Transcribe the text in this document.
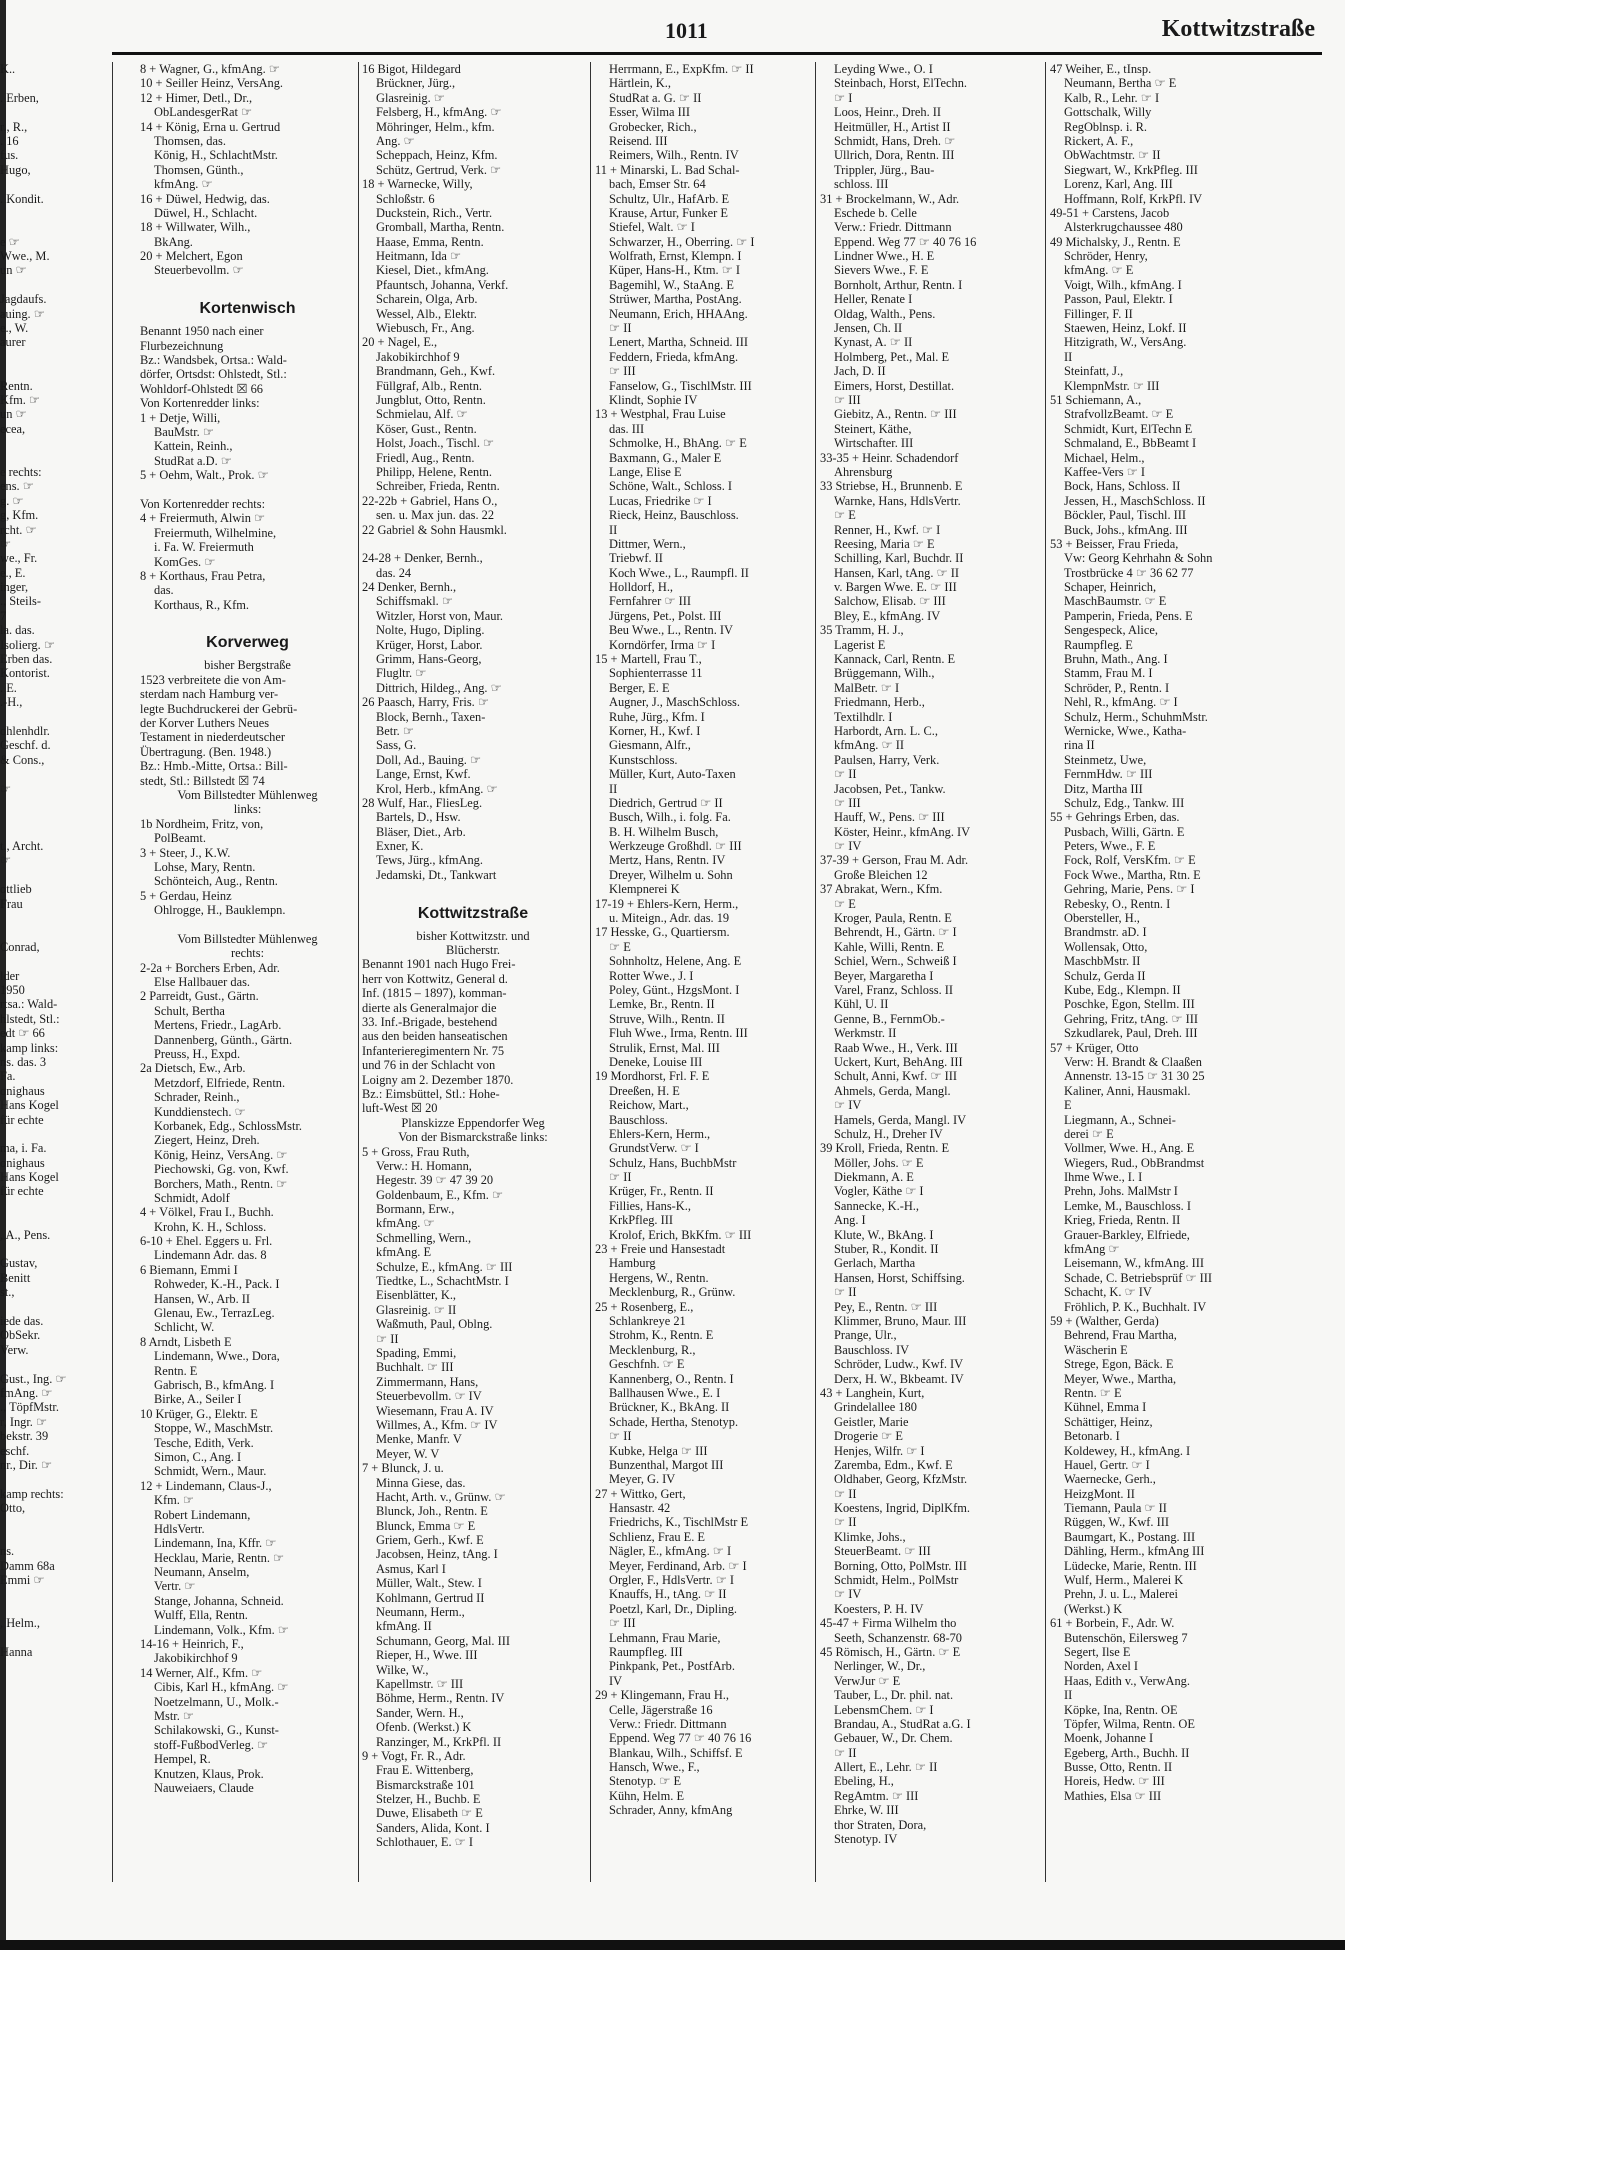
1011	Kottwitzstraße
K..
. Erben,
r., R.,
. 16
fus.
Hugo,
. Kondit.
e ☞
Wwe., M.
un ☞
Jagdaufs.
auing. ☞
e., W.
aurer
Rentn.
Kfm. ☞
un ☞
ecea,
e rechts:
ens. ☞
g. ☞
g, Kfm.
rcht. ☞
☞
we., Fr.
e., E.
inger,
., Steils-
7
la. das.
Isolierg. ☞
Erben das.
Kontorist.
. E.
.-H.,
ohlenhdlr.
Geschf. d.
& Cons.,
☞
t., Archt.
☞
ottlieb
Frau
Conrad,
lder
1950
rtsa.: Wald-
hlstedt, Stl.:
edt ☞ 66
kamp links:
ns. das. 3
Fa.
onighaus
Hans Kogel
für echte
ma, i. Fa.
onighaus
Hans Kogel
für echte
, A., Pens.
Gustav,
Benitt
st.,
iede das.
ObSekr.
Verw.
Gust., Ing. ☞
fmAng. ☞
., TöpfMstr.
r, Ingr. ☞
bekstr. 39
eschf.
nr., Dir. ☞
kamp rechts:
Otto,
ns.
Damm 68a
Emmi ☞
, Helm.,
Hanna
8 + Wagner, G., kfmAng. ☞
10 + Seiller Heinz, VersAng.
12 + Himer, Detl., Dr.,
ObLandesgerRat ☞
14 + König, Erna u. Gertrud
Thomsen, das.
König, H., SchlachtMstr.
Thomsen, Günth.,
kfmAng. ☞
16 + Düwel, Hedwig, das.
Düwel, H., Schlacht.
18 + Willwater, Wilh.,
BkAng.
20 + Melchert, Egon
Steuerbevollm. ☞
Kortenwisch
Benannt 1950 nach einer
Flurbezeichnung
Bz.: Wandsbek, Ortsa.: Wald-
dörfer, Ortsdst: Ohlstedt, Stl.:
Wohldorf-Ohlstedt ☒ 66
Von Kortenredder links:
1 + Detje, Willi,
BauMstr. ☞
Kattein, Reinh.,
StudRat a.D. ☞
5 + Oehm, Walt., Prok. ☞
Von Kortenredder rechts:
4 + Freiermuth, Alwin ☞
Freiermuth, Wilhelmine,
i. Fa. W. Freiermuth
KomGes. ☞
8 + Korthaus, Frau Petra,
das.
Korthaus, R., Kfm.
Korverweg
bisher Bergstraße
1523 verbreitete die von Am-
sterdam nach Hamburg ver-
legte Buchdruckerei der Gebrü-
der Korver Luthers Neues
Testament in niederdeutscher
Übertragung. (Ben. 1948.)
Bz.: Hmb.-Mitte, Ortsa.: Bill-
stedt, Stl.: Billstedt ☒ 74
Vom Billstedter Mühlenweg
links:
1b Nordheim, Fritz, von,
PolBeamt.
3 + Steer, J., K.W.
Lohse, Mary, Rentn.
Schönteich, Aug., Rentn.
5 + Gerdau, Heinz
Ohlrogge, H., Bauklempn.
Vom Billstedter Mühlenweg
rechts:
2-2a + Borchers Erben, Adr.
Else Hallbauer das.
2 Parreidt, Gust., Gärtn.
Schult, Bertha
Mertens, Friedr., LagArb.
Dannenberg, Günth., Gärtn.
Preuss, H., Expd.
2a Dietsch, Ew., Arb.
Metzdorf, Elfriede, Rentn.
Schrader, Reinh.,
Kunddienstech. ☞
Korbanek, Edg., SchlossMstr.
Ziegert, Heinz, Dreh.
König, Heinz, VersAng. ☞
Piechowski, Gg. von, Kwf.
Borchers, Math., Rentn. ☞
Schmidt, Adolf
4 + Völkel, Frau I., Buchh.
Krohn, K. H., Schloss.
6-10 + Ehel. Eggers u. Frl.
Lindemann Adr. das. 8
6 Biemann, Emmi I
Rohweder, K.-H., Pack. I
Hansen, W., Arb. II
Glenau, Ew., TerrazLeg.
Schlicht, W.
8 Arndt, Lisbeth E
Lindemann, Wwe., Dora,
Rentn. E
Gabrisch, B., kfmAng. I
Birke, A., Seiler I
10 Krüger, G., Elektr. E
Stoppe, W., MaschMstr.
Tesche, Edith, Verk.
Simon, C., Ang. I
Schmidt, Wern., Maur.
12 + Lindemann, Claus-J.,
Kfm. ☞
Robert Lindemann,
HdlsVertr.
Lindemann, Ina, Kffr. ☞
Hecklau, Marie, Rentn. ☞
Neumann, Anselm,
Vertr. ☞
Stange, Johanna, Schneid.
Wulff, Ella, Rentn.
Lindemann, Volk., Kfm. ☞
14-16 + Heinrich, F.,
Jakobikirchhof 9
14 Werner, Alf., Kfm. ☞
Cibis, Karl H., kfmAng. ☞
Noetzelmann, U., Molk.-
Mstr. ☞
Schilakowski, G., Kunst-
stoff-FußbodVerleg. ☞
Hempel, R.
Knutzen, Klaus, Prok.
Nauweiaers, Claude
16 Bigot, Hildegard
Brückner, Jürg.,
Glasreinig. ☞
Felsberg, H., kfmAng. ☞
Möhringer, Helm., kfm.
Ang. ☞
Scheppach, Heinz, Kfm.
Schütz, Gertrud, Verk. ☞
18 + Warnecke, Willy,
Schloßstr. 6
Duckstein, Rich., Vertr.
Gromball, Martha, Rentn.
Haase, Emma, Rentn.
Heitmann, Ida ☞
Kiesel, Diet., kfmAng.
Pfauntsch, Johanna, Verkf.
Scharein, Olga, Arb.
Wessel, Alb., Elektr.
Wiebusch, Fr., Ang.
20 + Nagel, E.,
Jakobikirchhof 9
Brandmann, Geh., Kwf.
Füllgraf, Alb., Rentn.
Jungblut, Otto, Rentn.
Schmielau, Alf. ☞
Köser, Gust., Rentn.
Holst, Joach., Tischl. ☞
Friedl, Aug., Rentn.
Philipp, Helene, Rentn.
Schreiber, Frieda, Rentn.
22-22b + Gabriel, Hans O.,
sen. u. Max jun. das. 22
22 Gabriel & Sohn Hausmkl.
24-28 + Denker, Bernh.,
das. 24
24 Denker, Bernh.,
Schiffsmakl. ☞
Witzler, Horst von, Maur.
Nolte, Hugo, Dipling.
Krüger, Horst, Labor.
Grimm, Hans-Georg,
Flugltr. ☞
Dittrich, Hildeg., Ang. ☞
26 Paasch, Harry, Fris. ☞
Block, Bernh., Taxen-
Betr. ☞
Sass, G.
Doll, Ad., Bauing. ☞
Lange, Ernst, Kwf.
Krol, Herb., kfmAng. ☞
28 Wulf, Har., FliesLeg.
Bartels, D., Hsw.
Bläser, Diet., Arb.
Exner, K.
Tews, Jürg., kfmAng.
Jedamski, Dt., Tankwart
Kottwitzstraße
bisher Kottwitzstr. und
Blücherstr.
Benannt 1901 nach Hugo Frei-
herr von Kottwitz, General d.
Inf. (1815 – 1897), komman-
dierte als Generalmajor die
33. Inf.-Brigade, bestehend
aus den beiden hanseatischen
Infanterieregimentern Nr. 75
und 76 in der Schlacht von
Loigny am 2. Dezember 1870.
Bz.: Eimsbüttel, Stl.: Hohe-
luft-West ☒ 20
Planskizze Eppendorfer Weg
Von der Bismarckstraße links:
5 + Gross, Frau Ruth,
Verw.: H. Homann,
Hegestr. 39 ☞ 47 39 20
Goldenbaum, E., Kfm. ☞
Bormann, Erw.,
kfmAng. ☞
Schmelling, Wern.,
kfmAng. E
Schulze, E., kfmAng. ☞ III
Tiedtke, L., SchachtMstr. I
Eisenblätter, K.,
Glasreinig. ☞ II
Waßmuth, Paul, Oblng.
☞ II
Spading, Emmi,
Buchhalt. ☞ III
Zimmermann, Hans,
Steuerbevollm. ☞ IV
Wiesemann, Frau A. IV
Willmes, A., Kfm. ☞ IV
Menke, Manfr. V
Meyer, W. V
7 + Blunck, J. u.
Minna Giese, das.
Hacht, Arth. v., Grünw. ☞
Blunck, Joh., Rentn. E
Blunck, Emma ☞ E
Griem, Gerh., Kwf. E
Jacobsen, Heinz, tAng. I
Asmus, Karl I
Müller, Walt., Stew. I
Kohlmann, Gertrud II
Neumann, Herm.,
kfmAng. II
Schumann, Georg, Mal. III
Rieper, H., Wwe. III
Wilke, W.,
Kapellmstr. ☞ III
Böhme, Herm., Rentn. IV
Sander, Wern. H.,
Ofenb. (Werkst.) K
Ranzinger, M., KrkPfl. II
9 + Vogt, Fr. R., Adr.
Frau E. Wittenberg,
Bismarckstraße 101
Stelzer, H., Buchb. E
Duwe, Elisabeth ☞ E
Sanders, Alida, Kont. I
Schlothauer, E. ☞ I
Herrmann, E., ExpKfm. ☞ II
Härtlein, K.,
StudRat a. G. ☞ II
Esser, Wilma III
Grobecker, Rich.,
Reisend. III
Reimers, Wilh., Rentn. IV
11 + Minarski, L. Bad Schal-
bach, Emser Str. 64
Schultz, Ulr., HafArb. E
Krause, Artur, Funker E
Stiefel, Walt. ☞ I
Schwarzer, H., Oberring. ☞ I
Wolfrath, Ernst, Klempn. I
Küper, Hans-H., Ktm. ☞ I
Bagemihl, W., StaAng. E
Strüwer, Martha, PostAng.
Neumann, Erich, HHAAng.
☞ II
Lenert, Martha, Schneid. III
Feddern, Frieda, kfmAng.
☞ III
Fanselow, G., TischlMstr. III
Klindt, Sophie IV
13 + Westphal, Frau Luise
das. III
Schmolke, H., BhAng. ☞ E
Baxmann, G., Maler E
Lange, Elise E
Schöne, Walt., Schloss. I
Lucas, Friedrike ☞ I
Rieck, Heinz, Bauschloss.
II
Dittmer, Wern.,
Triebwf. II
Koch Wwe., L., Raumpfl. II
Holldorf, H.,
Fernfahrer ☞ III
Jürgens, Pet., Polst. III
Beu Wwe., L., Rentn. IV
Korndörfer, Irma ☞ I
15 + Martell, Frau T.,
Sophienterrasse 11
Berger, E. E
Augner, J., MaschSchloss.
Ruhe, Jürg., Kfm. I
Korner, H., Kwf. I
Giesmann, Alfr.,
Kunstschloss.
Müller, Kurt, Auto-Taxen
II
Diedrich, Gertrud ☞ II
Busch, Wilh., i. folg. Fa.
B. H. Wilhelm Busch,
Werkzeuge Großhdl. ☞ III
Mertz, Hans, Rentn. IV
Dreyer, Wilhelm u. Sohn
Klempnerei K
17-19 + Ehlers-Kern, Herm.,
u. Miteign., Adr. das. 19
17 Hesske, G., Quartiersm.
☞ E
Sohnholtz, Helene, Ang. E
Rotter Wwe., J. I
Poley, Günt., HzgsMont. I
Lemke, Br., Rentn. II
Struve, Wilh., Rentn. II
Fluh Wwe., Irma, Rentn. III
Strulik, Ernst, Mal. III
Deneke, Louise III
19 Mordhorst, Frl. F. E
Dreeßen, H. E
Reichow, Mart.,
Bauschloss.
Ehlers-Kern, Herm.,
GrundstVerw. ☞ I
Schulz, Hans, BuchbMstr
☞ II
Krüger, Fr., Rentn. II
Fillies, Hans-K.,
KrkPfleg. III
Krolof, Erich, BkKfm. ☞ III
23 + Freie und Hansestadt
Hamburg
Hergens, W., Rentn.
Mecklenburg, R., Grünw.
25 + Rosenberg, E.,
Schlankreye 21
Strohm, K., Rentn. E
Mecklenburg, R.,
Geschfnh. ☞ E
Kannenberg, O., Rentn. I
Ballhausen Wwe., E. I
Brückner, K., BkAng. II
Schade, Hertha, Stenotyp.
☞ II
Kubke, Helga ☞ III
Bunzenthal, Margot III
Meyer, G. IV
27 + Wittko, Gert,
Hansastr. 42
Friedrichs, K., TischlMstr E
Schlienz, Frau E. E
Nägler, E., kfmAng. ☞ I
Meyer, Ferdinand, Arb. ☞ I
Orgler, F., HdlsVertr. ☞ I
Knauffs, H., tAng. ☞ II
Poetzl, Karl, Dr., Dipling.
☞ III
Lehmann, Frau Marie,
Raumpfleg. III
Pinkpank, Pet., PostfArb.
IV
29 + Klingemann, Frau H.,
Celle, Jägerstraße 16
Verw.: Friedr. Dittmann
Eppend. Weg 77 ☞ 40 76 16
Blankau, Wilh., Schiffsf. E
Hansch, Wwe., F.,
Stenotyp. ☞ E
Kühn, Helm. E
Schrader, Anny, kfmAng
Leyding Wwe., O. I
Steinbach, Horst, ElTechn.
☞ I
Loos, Heinr., Dreh. II
Heitmüller, H., Artist II
Schmidt, Hans, Dreh. ☞
Ullrich, Dora, Rentn. III
Trippler, Jürg., Bau-
schloss. III
31 + Brockelmann, W., Adr.
Eschede b. Celle
Verw.: Friedr. Dittmann
Eppend. Weg 77 ☞ 40 76 16
Lindner Wwe., H. E
Sievers Wwe., F. E
Bornholt, Arthur, Rentn. I
Heller, Renate I
Oldag, Walth., Pens.
Jensen, Ch. II
Kynast, A. ☞ II
Holmberg, Pet., Mal. E
Jach, D. II
Eimers, Horst, Destillat.
☞ III
Giebitz, A., Rentn. ☞ III
Steinert, Käthe,
Wirtschafter. III
33-35 + Heinr. Schadendorf
Ahrensburg
33 Striebse, H., Brunnenb. E
Warnke, Hans, HdlsVertr.
☞ E
Renner, H., Kwf. ☞ I
Reesing, Maria ☞ E
Schilling, Karl, Buchdr. II
Hansen, Karl, tAng. ☞ II
v. Bargen Wwe. E. ☞ III
Salchow, Elisab. ☞ III
Bley, E., kfmAng. IV
35 Tramm, H. J.,
Lagerist E
Kannack, Carl, Rentn. E
Brüggemann, Wilh.,
MalBetr. ☞ I
Friedmann, Herb.,
Textilhdlr. I
Harbordt, Arn. L. C.,
kfmAng. ☞ II
Paulsen, Harry, Verk.
☞ II
Jacobsen, Pet., Tankw.
☞ III
Hauff, W., Pens. ☞ III
Köster, Heinr., kfmAng. IV
☞ IV
37-39 + Gerson, Frau M. Adr.
Große Bleichen 12
37 Abrakat, Wern., Kfm.
☞ E
Kroger, Paula, Rentn. E
Behrendt, H., Gärtn. ☞ I
Kahle, Willi, Rentn. E
Schiel, Wern., Schweiß I
Beyer, Margaretha I
Varel, Franz, Schloss. II
Kühl, U. II
Genne, B., FernmOb.-
Werkmstr. II
Raab Wwe., H., Verk. III
Uckert, Kurt, BehAng. III
Schult, Anni, Kwf. ☞ III
Ahmels, Gerda, Mangl.
☞ IV
Hamels, Gerda, Mangl. IV
Schulz, H., Dreher IV
39 Kroll, Frieda, Rentn. E
Möller, Johs. ☞ E
Diekmann, A. E
Vogler, Käthe ☞ I
Sannecke, K.-H.,
Ang. I
Klute, W., BkAng. I
Stuber, R., Kondit. II
Gerlach, Martha
Hansen, Horst, Schiffsing.
☞ II
Pey, E., Rentn. ☞ III
Klimmer, Bruno, Maur. III
Prange, Ulr.,
Bauschloss. IV
Schröder, Ludw., Kwf. IV
Derx, H. W., Bkbeamt. IV
43 + Langhein, Kurt,
Grindelallee 180
Geistler, Marie
Drogerie ☞ E
Henjes, Wilfr. ☞ I
Zaremba, Edm., Kwf. E
Oldhaber, Georg, KfzMstr.
☞ II
Koestens, Ingrid, DiplKfm.
☞ II
Klimke, Johs.,
SteuerBeamt. ☞ III
Borning, Otto, PolMstr. III
Schmidt, Helm., PolMstr
☞ IV
Koesters, P. H. IV
45-47 + Firma Wilhelm tho
Seeth, Schanzenstr. 68-70
45 Römisch, H., Gärtn. ☞ E
Nerlinger, W., Dr.,
VerwJur ☞ E
Tauber, L., Dr. phil. nat.
LebensmChem. ☞ I
Brandau, A., StudRat a.G. I
Gebauer, W., Dr. Chem.
☞ II
Allert, E., Lehr. ☞ II
Ebeling, H.,
RegAmtm. ☞ III
Ehrke, W. III
thor Straten, Dora,
Stenotyp. IV
47 Weiher, E., tInsp.
Neumann, Bertha ☞ E
Kalb, R., Lehr. ☞ I
Gottschalk, Willy
RegOblnsp. i. R.
Rickert, A. F.,
ObWachtmstr. ☞ II
Siegwart, W., KrkPfleg. III
Lorenz, Karl, Ang. III
Hoffmann, Rolf, KrkPfl. IV
49-51 + Carstens, Jacob
Alsterkrugchaussee 480
49 Michalsky, J., Rentn. E
Schröder, Henry,
kfmAng. ☞ E
Voigt, Wilh., kfmAng. I
Passon, Paul, Elektr. I
Fillinger, F. II
Staewen, Heinz, Lokf. II
Hitzigrath, W., VersAng.
II
Steinfatt, J.,
KlempnMstr. ☞ III
51 Schiemann, A.,
StrafvollzBeamt. ☞ E
Schmidt, Kurt, ElTechn E
Schmaland, E., BbBeamt I
Michael, Helm.,
Kaffee-Vers ☞ I
Bock, Hans, Schloss. II
Jessen, H., MaschSchloss. II
Böckler, Paul, Tischl. III
Buck, Johs., kfmAng. III
53 + Beisser, Frau Frieda,
Vw: Georg Kehrhahn & Sohn
Trostbrücke 4 ☞ 36 62 77
Schaper, Heinrich,
MaschBaumstr. ☞ E
Pamperin, Frieda, Pens. E
Sengespeck, Alice,
Raumpfleg. E
Bruhn, Math., Ang. I
Stamm, Frau M. I
Schröder, P., Rentn. I
Nehl, R., kfmAng. ☞ I
Schulz, Herm., SchuhmMstr.
Wernicke, Wwe., Katha-
rina II
Steinmetz, Uwe,
FernmHdw. ☞ III
Ditz, Martha III
Schulz, Edg., Tankw. III
55 + Gehrings Erben, das.
Pusbach, Willi, Gärtn. E
Peters, Wwe., F. E
Fock, Rolf, VersKfm. ☞ E
Fock Wwe., Martha, Rtn. E
Gehring, Marie, Pens. ☞ I
Rebesky, O., Rentn. I
Obersteller, H.,
Brandmstr. aD. I
Wollensak, Otto,
MaschbMstr. II
Schulz, Gerda II
Kube, Edg., Klempn. II
Poschke, Egon, Stellm. III
Gehring, Fritz, tAng. ☞ III
Szkudlarek, Paul, Dreh. III
57 + Krüger, Otto
Verw: H. Brandt & Claaßen
Annenstr. 13-15 ☞ 31 30 25
Kaliner, Anni, Hausmakl.
E
Liegmann, A., Schnei-
derei ☞ E
Vollmer, Wwe. H., Ang. E
Wiegers, Rud., ObBrandmst
Ihme Wwe., I. I
Prehn, Johs. MalMstr I
Lemke, M., Bauschloss. I
Krieg, Frieda, Rentn. II
Grauer-Barkley, Elfriede,
kfmAng ☞
Leisemann, W., kfmAng. III
Schade, C. Betriebsprüf ☞ III
Schacht, K. ☞ IV
Fröhlich, P. K., Buchhalt. IV
59 + (Walther, Gerda)
Behrend, Frau Martha,
Wäscherin E
Strege, Egon, Bäck. E
Meyer, Wwe., Martha,
Rentn. ☞ E
Kühnel, Emma I
Schättiger, Heinz,
Betonarb. I
Koldewey, H., kfmAng. I
Hauel, Gertr. ☞ I
Waernecke, Gerh.,
HeizgMont. II
Tiemann, Paula ☞ II
Rüggen, W., Kwf. III
Baumgart, K., Postang. III
Dähling, Herm., kfmAng III
Lüdecke, Marie, Rentn. III
Wulf, Herm., Malerei K
Prehn, J. u. L., Malerei
(Werkst.) K
61 + Borbein, F., Adr. W.
Butenschön, Eilersweg 7
Segert, Ilse E
Norden, Axel I
Haas, Edith v., VerwAng.
II
Köpke, Ina, Rentn. OE
Töpfer, Wilma, Rentn. OE
Moenk, Johanne I
Egeberg, Arth., Buchh. II
Busse, Otto, Rentn. II
Horeis, Hedw. ☞ III
Mathies, Elsa ☞ III
